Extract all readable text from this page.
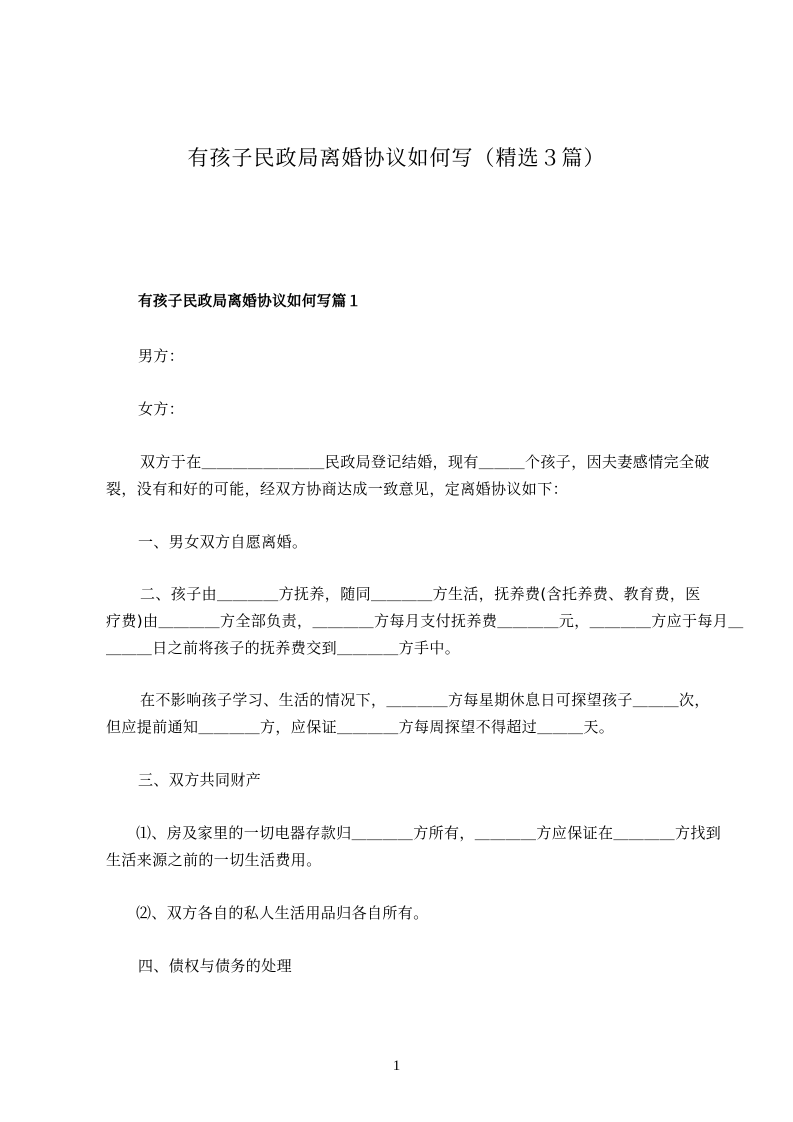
有孩子民政局离婚协议如何写（精选３篇）
有孩子民政局离婚协议如何写篇１
男方：
女方：
双方于在＿＿＿＿＿＿＿＿民政局登记结婚，现有＿＿＿个孩子，因夫妻感情完全破
裂，没有和好的可能，经双方协商达成一致意见，定离婚协议如下：
一、男女双方自愿离婚。
二、孩子由＿＿＿＿方抚养，随同＿＿＿＿方生活，抚养费(含托养费、教育费，医
疗费)由＿＿＿＿方全部负责，＿＿＿＿方每月支付抚养费＿＿＿＿元，＿＿＿＿方应于每月＿
＿＿＿日之前将孩子的抚养费交到＿＿＿＿方手中。
在不影响孩子学习、生活的情况下，＿＿＿＿方每星期休息日可探望孩子＿＿＿次，
但应提前通知＿＿＿＿方，应保证＿＿＿＿方每周探望不得超过＿＿＿天。
三、双方共同财产
⑴、房及家里的一切电器存款归＿＿＿＿方所有，＿＿＿＿方应保证在＿＿＿＿方找到
生活来源之前的一切生活费用。
⑵、双方各自的私人生活用品归各自所有。
四、债权与债务的处理
1
